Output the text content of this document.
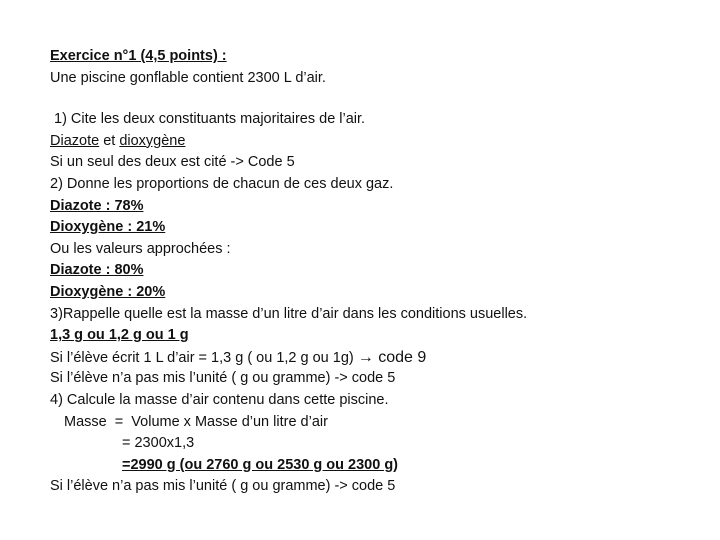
Exercice n°1 (4,5 points) :
Une piscine gonflable contient 2300 L d’air.
1) Cite les deux constituants majoritaires de l’air.
Diazote et dioxygène
Si un seul des deux est cité -> Code 5
2) Donne les proportions de chacun de ces deux gaz.
Diazote : 78%
Dioxygène : 21%
Ou les valeurs approchées :
Diazote : 80%
Dioxygène : 20%
3)Rappelle quelle est la masse d’un litre d’air dans les conditions usuelles.
1,3 g ou 1,2 g ou 1 g
Si l’élève écrit 1 L d’air = 1,3 g ( ou 1,2 g ou 1g) → code 9
Si l’élève n’a pas mis l’unité ( g ou gramme) -> code 5
4) Calcule la masse d’air contenu dans cette piscine.
Masse  =  Volume x Masse d’un litre d’air
= 2300x1,3
=2990 g (ou 2760 g ou 2530 g ou 2300 g)
Si l’élève n’a pas mis l’unité ( g ou gramme) -> code 5
